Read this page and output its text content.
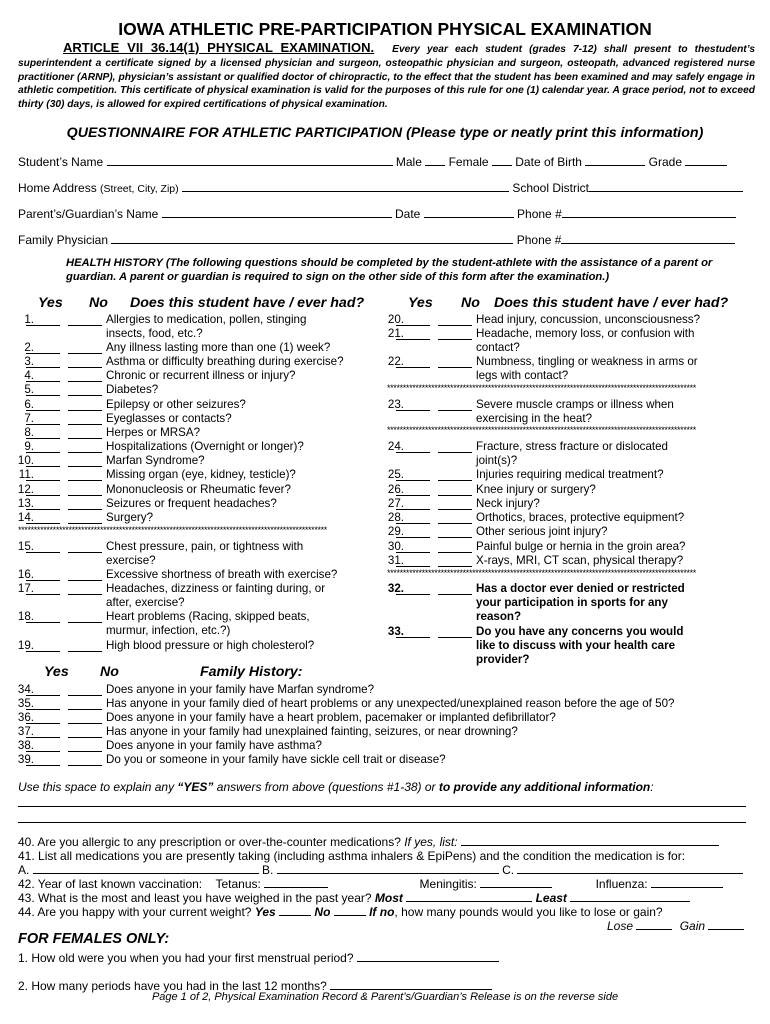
IOWA ATHLETIC PRE-PARTICIPATION PHYSICAL EXAMINATION
ARTICLE VII 36.14(1) PHYSICAL EXAMINATION. Every year each student (grades 7-12) shall present to thestudent’s superintendent a certificate signed by a licensed physician and surgeon, osteopathic physician and surgeon, osteopath, advanced registered nurse practitioner (ARNP), physician’s assistant or qualified doctor of chiropractic, to the effect that the student has been examined and may safely engage in athletic competition. This certificate of physical examination is valid for the purposes of this rule for one (1) calendar year. A grace period, not to exceed thirty (30) days, is allowed for expired certifications of physical examination.
QUESTIONNAIRE FOR ATHLETIC PARTICIPATION (Please type or neatly print this information)
Student’s Name	Male Female Date of Birth	Grade
Home Address (Street, City, Zip)	School District
Parent’s/Guardian’s Name	Date	Phone #
Family Physician	Phone #
HEALTH HISTORY (The following questions should be completed by the student-athlete with the assistance of a parent or guardian. A parent or guardian is required to sign on the other side of this form after the examination.)
Yes No Does this student have / ever had?	Yes No Does this student have / ever had?
1.	Allergies to medication, pollen, stinging
insects, food, etc.?
2.	Any illness lasting more than one (1) week?
3.	Asthma or difficulty breathing during exercise?
4.	Chronic or recurrent illness or injury?
5.	Diabetes?
6.	Epilepsy or other seizures?
7.	Eyeglasses or contacts?
8.	Herpes or MRSA?
9.	Hospitalizations (Overnight or longer)?
10.	Marfan Syndrome?
11.	Missing organ (eye, kidney, testicle)?
12.	Mononucleosis or Rheumatic fever?
13.	Seizures or frequent headaches?
14.	Surgery?
15.	Chest pressure, pain, or tightness with
exercise?
16.	Excessive shortness of breath with exercise?
17.	Headaches, dizziness or fainting during, or
after, exercise?
18.	Heart problems (Racing, skipped beats,
murmur, infection, etc.?)
19.	High blood pressure or high cholesterol?
20.	Head injury, concussion, unconsciousness?
21.	Headache, memory loss, or confusion with
contact?
22.	Numbness, tingling or weakness in arms or
legs with contact?
23.	Severe muscle cramps or illness when
exercising in the heat?
24.	Fracture, stress fracture or dislocated
joint(s)?
25.	Injuries requiring medical treatment?
26.	Knee injury or surgery?
27.	Neck injury?
28.	Orthotics, braces, protective equipment?
29.	Other serious joint injury?
30.	Painful bulge or hernia in the groin area?
31.	X-rays, MRI, CT scan, physical therapy?
32.	Has a doctor ever denied or restricted
your participation in sports for any
reason?
33.	Do you have any concerns you would
like to discuss with your health care
provider?
**************************************************************************************************
**************************************************************************************************
**************************************************************************************************
**************************************************************************************************
Yes No	Family History:
34.	Does anyone in your family have Marfan syndrome?
35.	Has anyone in your family died of heart problems or any unexpected/unexplained reason before the age of 50?
36.	Does anyone in your family have a heart problem, pacemaker or implanted defibrillator?
37.	Has anyone in your family had unexplained fainting, seizures, or near drowning?
38.	Does anyone in your family have asthma?
39.	Do you or someone in your family have sickle cell trait or disease?
Use this space to explain any “YES” answers from above (questions #1-38) or to provide any additional information:
40. Are you allergic to any prescription or over-the-counter medications? If yes, list:
41. List all medications you are presently taking (including asthma inhalers & EpiPens) and the condition the medication is for:
A.	B.	C.
42. Year of last known vaccination: Tetanus:	Meningitis:	Influenza:
43. What is the most and least you have weighed in the past year? Most	Least
44. Are you happy with your current weight? Yes	No	If no, how many pounds would you like to lose or gain?
Lose	Gain
FOR FEMALES ONLY:
1. How old were you when you had your first menstrual period?
2. How many periods have you had in the last 12 months?
Page 1 of 2, Physical Examination Record & Parent’s/Guardian’s Release is on the reverse side
